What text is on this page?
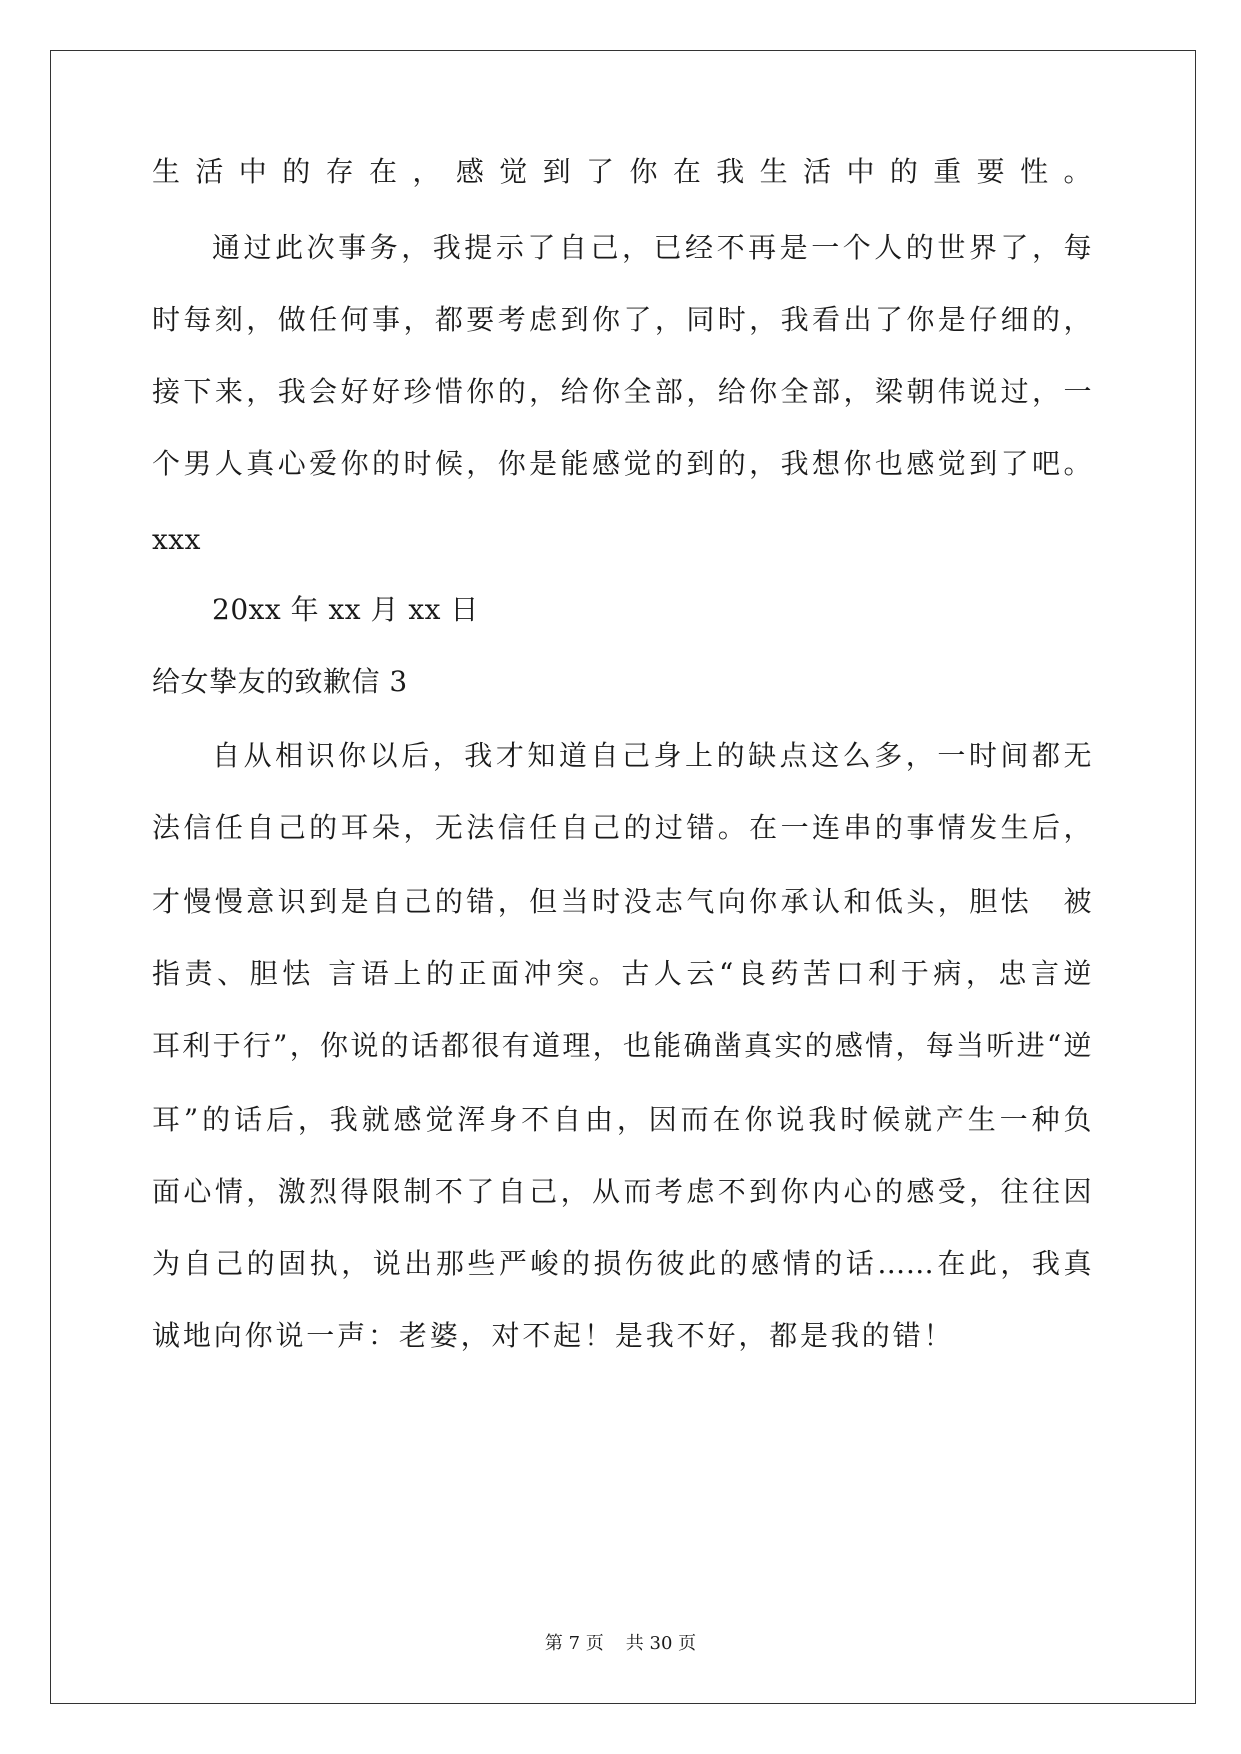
生活中的存在，感觉到了你在我生活中的重要性。
通过此次事务，我提示了自己，已经不再是一个人的世界了，每
时每刻，做任何事，都要考虑到你了，同时，我看出了你是仔细的，
接下来，我会好好珍惜你的，给你全部，给你全部，梁朝伟说过，一
个男人真心爱你的时候，你是能感觉的到的，我想你也感觉到了吧。
xxx
20xx 年 xx 月 xx 日
给女挚友的致歉信 3
自从相识你以后，我才知道自己身上的缺点这么多，一时间都无
法信任自己的耳朵，无法信任自己的过错。在一连串的事情发生后，
才慢慢意识到是自己的错，但当时没志气向你承认和低头，胆怯　被
指责、胆怯 言语上的正面冲突。古人云“良药苦口利于病，忠言逆
耳利于行”，你说的话都很有道理，也能确凿真实的感情，每当听进“逆
耳”的话后，我就感觉浑身不自由，因而在你说我时候就产生一种负
面心情，激烈得限制不了自己，从而考虑不到你内心的感受，往往因
为自己的固执，说出那些严峻的损伤彼此的感情的话……在此，我真
诚地向你说一声：老婆，对不起！是我不好，都是我的错！
第 7 页 共 30 页
